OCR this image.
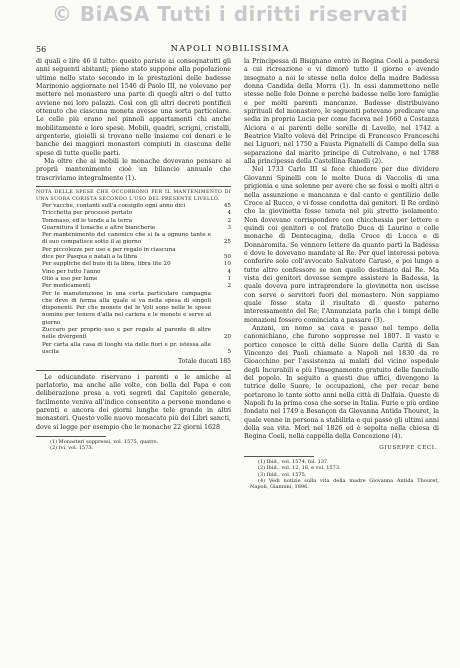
© BiASA Tutti i diritti riservati
56	NAPOLI NOBILISSIMA

di quali e lire 46 il tutto: questo pariste ai consegnatutti gli anni seguenti abitanti; pieno stato suppone alla popolazione ultime nello stato secondo in le prestazioni delle badesse Marinonio aggiornate nel 1546 di Paolo III, ne volevano per mettere nel monastero una parte di quegli altri o del tutto avviene nei loro palazzi. Così con gli altri decreti pontificii ottenuto che ciascuna moneta avesse una sorta particolare. Le celle più erano nel pinnoli appartamenti chi anche mobilitamente e loro spese. Mobili, quadri, scrigni, cristalli, argenterie, gioielli si trovano nelle insieme coi denari e le banche dei maggiori monasteri compiuti in ciascuna delle spese di tutte quelle parti.

Ma oltre che ai mobili le monache dovevano pensare ai proprii mantenimento cioè un bilancio annuale che trascriviamo integralmente (1).

NOTA DELLE SPESE CHE OCCORRONO PER IL MANTENIMENTO DI UNA SUORA CORISTA SECONDO L'USO DEL PRESENTE LIVELLO.

Per vacche, contanti sull'a coesigilo ogni anno dici	45
Tricchetta per processo portato	4
Tommaso, ed le tende a la terra	2
Guarnitura il tonache e altre biancherie	3
Per mantenimento del canonico che si fa a ognuno tante e di suo compatisce sotto il ai giorno	25
Per piccolezze per uso e per regalo in ciascuna	
dice per Pasqua e natali a la libra	50
Per suppliche del buio di la libra, libra lite 20	10
Vino per tutto l'anno	4
Olio a uso per lume	1
Per medicamenti	2
Per le manutenzione in una certa particolare campagna che deve di ferma alla quale si va nella spesa di singoli disponenti. Per che monete del le Voli sono nelle le spese nomine per tenere d'alla nel cariera e le monete e serve al giorno	
Zuccaro per proprio uso e per regalo al parente di altre nelle divergenti	20
Per carta alla casa di luoghi via delle fiori e pr. istessa alle uscita	5
Totale ducati 185

Le educandate riservano i parenti e le amiche al parlatorio, ma anche alle volte, con bolla del Papa e con deliberazione presa a voti segreti dal Capitolo generale, facilmente veniva all'indice consentito a persone mondane e parenti e ancora dei giorni lunghe tele grande in altri monasteri. Questo volle nuovo monacato più dei Libri sancti, dove si legge per esempio che le monache 22 giorni 1628

(1) Monasteri soppressi, vol. 1575, quatro.

(2) Ivi, vol. 1573.

la Principessa di Bisignano entrò in Regina Coeli a pendersi a cui ricreazione e vi dimorò tutto il giorno e avendo insegnato a noi le stesse nella dolce della madre Badessa donna Candida della Morra (1). In essi dammettono nelle stesse nelle fole Donne e perché badesse nelle loro famiglie e per molti parenti mancanze. Badesse distribuivano spirituali del monastero, le seguenti potevano predicare una sedia in propria Lucia per come faceva nel 1660 a Costanza Alciora e ai parenti delle sorelle di Lavello, nel 1742 a Beatrice Vialto voleva del Principe di Francesco Franceschi nei Liguori, nel 1750 a Fausta Pignatelli di Campo della sua separazione dal marito principe di Cutrolvano, e nel 1788 alla principessa della Castellina Ranelli (2).

Nel 1733 Carlo III si fece chiedere per due dividere Giovanni Spinelli con le molte Duca di Vaccolis di una prigionia e una solenne per avere che se fossi e molti altri e nella assunzione e mancanza e dal canto e gentilizio delle Croce al Rucco, e vi fosse condotta dai genitori. Il Re ordinò che la giovinetta fosse tenuta nel più stretto isolamento. Non dovevano corrispondere con chicchessia per lettere e quindi coi genitori e col fratello Duca di Laurino e colle monache di Dentecagina, della Croce di Lucca e di Donnaromita. Se vennero lettere da quanto partì la Badessa e dove le dovevano mandate al Re. Per quel interessi poteva conferire solo coll'avvocato Salvatore Caruso, e poi lungo a tutte altro confessore se non quello destinato dal Re. Ma vista dei genitori dovesse sempre assistere la Badessa, la quale doveva pure intraprendere la giovinetta non uscisse con serve o servitori fuori del monastero. Non sappiamo quale fosse stata il risultato di questo paterno interessamento del Re; l'Annunziata parla che i tempi delle monazioni fossero cominciata a passare (3).

Anzani, un nomo sa cava e passo nel tempo della canonichiano, che furono soppresse nel 1807. Il vasto e portico conosce le città delle Suore della Carità di San Vincenzo dei Paoli chiamate a Napoli nel 1830 da re Gioacchino per l'assistenza ai malati del vicino ospedale degli Incurabili e più l'insegnamento gratuito delle fanciulle del popolo. In seguito a questi due uffici, divengono la tutrice delle Suore, le occupazioni, che per recar bene portarono le tante sotto anni nella città di Dalfaia. Queste di Napoli fu la prima cosa che sorse in Italia. Furie e più ordine fondato nel 1749 a Besançon da Giovanna Antida Thouret, la quale venne in persona a stabilirla e qui passò gli ultimi anni della sua vita. Morì nel 1826 ed è sepolta nella chiesa di Regina Coeli, nella cappella della Concezione (4).

GIUSEPPE CECI.

(1) Ibid., vol. 1574, fol. 137.

(2) Ibid., vol. 12, 18, e vol. 1573.

(3) Ibid., vol. 1575.

(4) Vedi notizie sulla vita della madre Giovanna Antida Thouret, Napoli, Giannini, 1896.
